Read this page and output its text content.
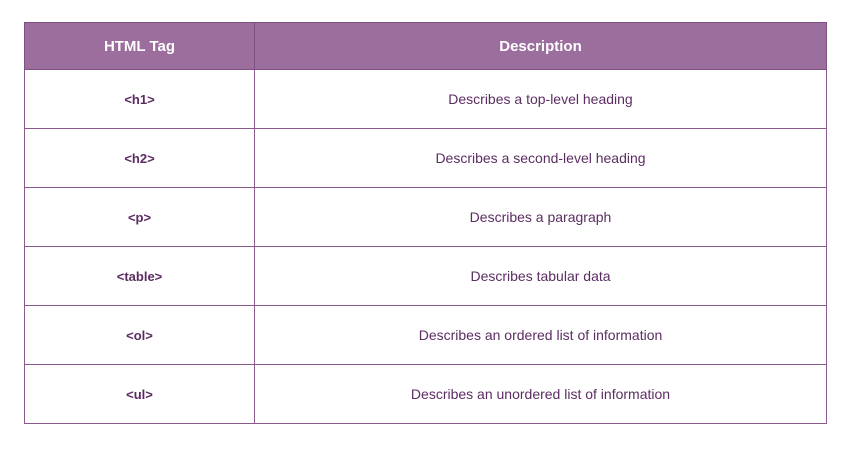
HTML Tag	Description
<h1>	Describes a top-level heading
<h2>	Describes a second-level heading
<p>	Describes a paragraph
<table>	Describes tabular data
<ol>	Describes an ordered list of information
<ul>	Describes an unordered list of information
